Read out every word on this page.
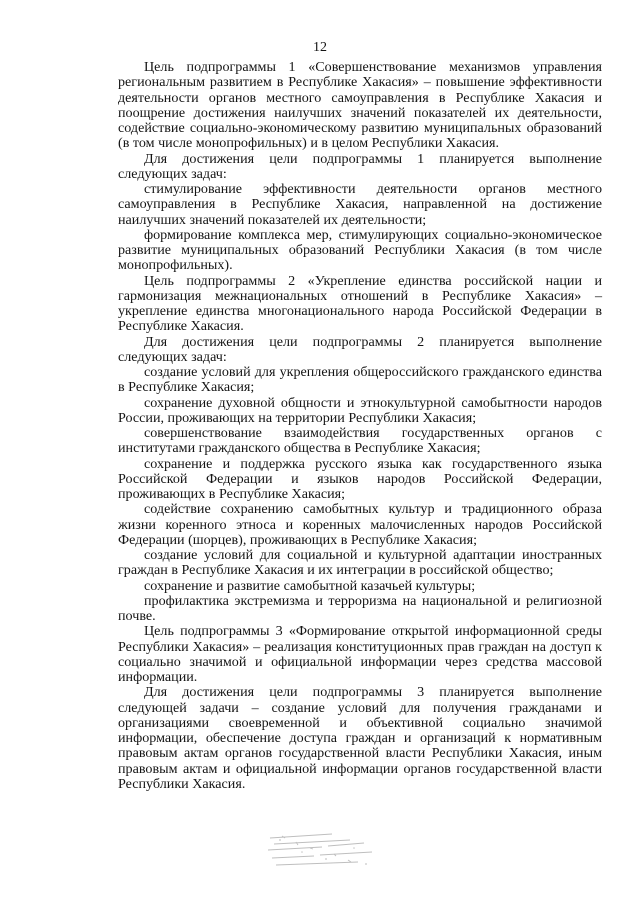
12

Цель подпрограммы 1 «Совершенствование механизмов управления региональным развитием в Республике Хакасия» – повышение эффективности деятельности органов местного самоуправления в Республике Хакасия и поощрение достижения наилучших значений показателей их деятельности, содействие социально-экономическому развитию муниципальных образований (в том числе монопрофильных) и в целом Республики Хакасия.

Для достижения цели подпрограммы 1 планируется выполнение следующих задач:

стимулирование эффективности деятельности органов местного самоуправления в Республике Хакасия, направленной на достижение наилучших значений показателей их деятельности;

формирование комплекса мер, стимулирующих социально-экономическое развитие муниципальных образований Республики Хакасия (в том числе монопрофильных).

Цель подпрограммы 2 «Укрепление единства российской нации и гармонизация межнациональных отношений в Республике Хакасия» – укрепление единства многонационального народа Российской Федерации в Республике Хакасия.

Для достижения цели подпрограммы 2 планируется выполнение следующих задач:

создание условий для укрепления общероссийского гражданского единства в Республике Хакасия;

сохранение духовной общности и этнокультурной самобытности народов России, проживающих на территории Республики Хакасия;

совершенствование взаимодействия государственных органов с институтами гражданского общества в Республике Хакасия;

сохранение и поддержка русского языка как государственного языка Российской Федерации и языков народов Российской Федерации, проживающих в Республике Хакасия;

содействие сохранению самобытных культур и традиционного образа жизни коренного этноса и коренных малочисленных народов Российской Федерации (шорцев), проживающих в Республике Хакасия;

создание условий для социальной и культурной адаптации иностранных граждан в Республике Хакасия и их интеграции в российской общество;

сохранение и развитие самобытной казачьей культуры;

профилактика экстремизма и терроризма на национальной и религиозной почве.

Цель подпрограммы 3 «Формирование открытой информационной среды Республики Хакасия» – реализация конституционных прав граждан на доступ к социально значимой и официальной информации через средства массовой информации.

Для достижения цели подпрограммы 3 планируется выполнение следующей задачи – создание условий для получения гражданами и организациями своевременной и объективной социально значимой информации, обеспечение доступа граждан и организаций к нормативным правовым актам органов государственной власти Республики Хакасия, иным правовым актам и официальной информации органов государственной власти Республики Хакасия.
